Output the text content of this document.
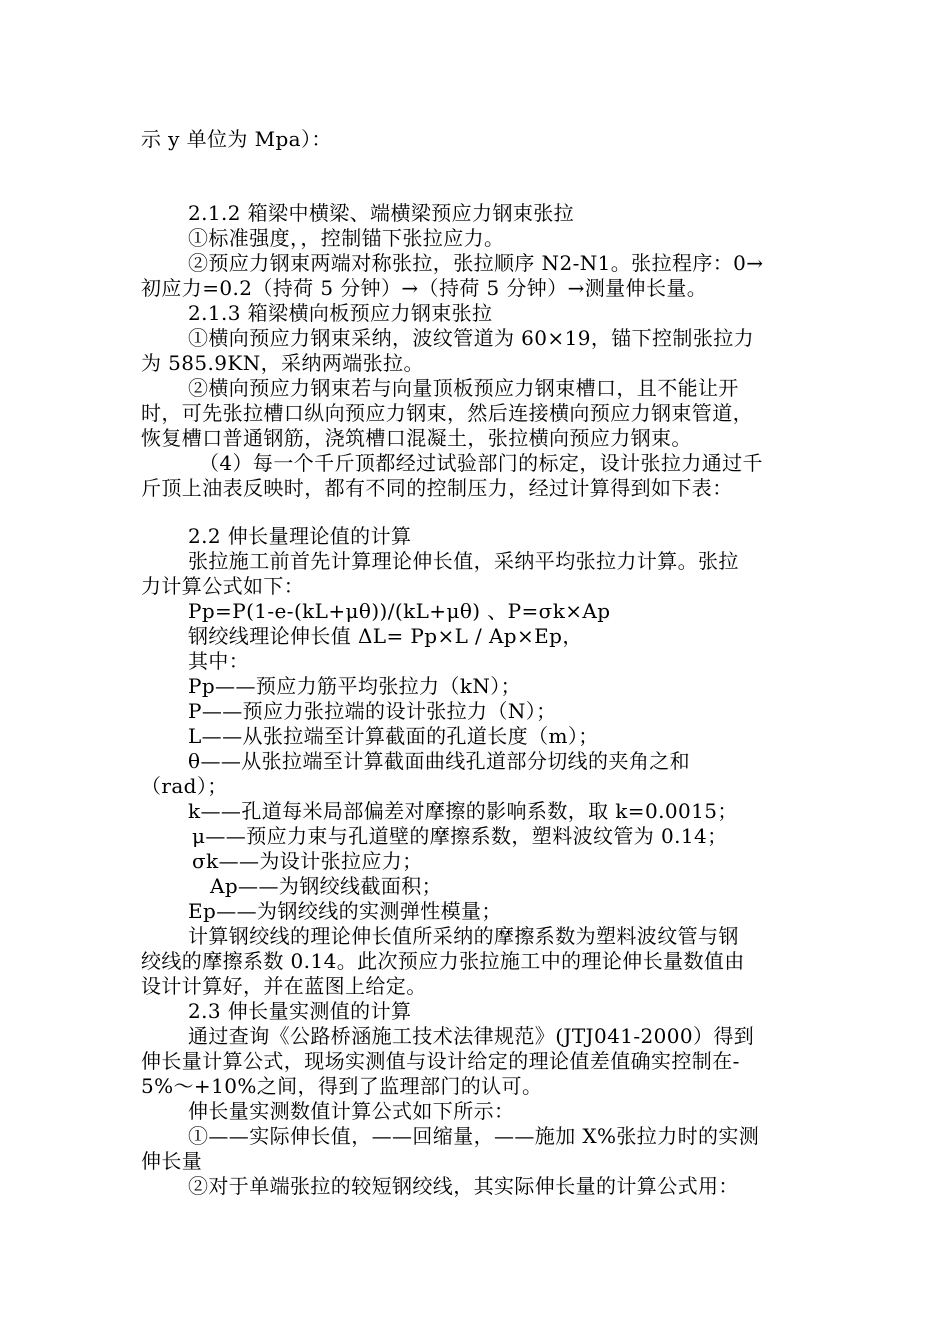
示 y 单位为 Mpa）：
2.1.2 箱梁中横梁、端横梁预应力钢束张拉
①标准强度，，控制锚下张拉应力。
②预应力钢束两端对称张拉，张拉顺序 N2-N1。张拉程序：0→
初应力=0.2（持荷 5 分钟）→（持荷 5 分钟）→测量伸长量。
2.1.3 箱梁横向板预应力钢束张拉
①横向预应力钢束采纳，波纹管道为 60×19，锚下控制张拉力
为 585.9KN，采纳两端张拉。
②横向预应力钢束若与向量顶板预应力钢束槽口，且不能让开
时，可先张拉槽口纵向预应力钢束，然后连接横向预应力钢束管道，
恢复槽口普通钢筋，浇筑槽口混凝土，张拉横向预应力钢束。
（4）每一个千斤顶都经过试验部门的标定，设计张拉力通过千
斤顶上油表反映时，都有不同的控制压力，经过计算得到如下表：
2.2 伸长量理论值的计算
张拉施工前首先计算理论伸长值，采纳平均张拉力计算。张拉
力计算公式如下：
Pp=P(1-e-(kL+μθ))/(kL+μθ) 、P=σk×Ap
钢绞线理论伸长值 ΔL= Pp×L / Ap×Ep，
其中：
Pp——预应力筋平均张拉力（kN）；
P——预应力张拉端的设计张拉力（N）；
L——从张拉端至计算截面的孔道长度（m）；
θ——从张拉端至计算截面曲线孔道部分切线的夹角之和
（rad）；
k——孔道每米局部偏差对摩擦的影响系数，取 k=0.0015；
μ——预应力束与孔道壁的摩擦系数，塑料波纹管为 0.14；
σk——为设计张拉应力；
Ap——为钢绞线截面积；
Ep——为钢绞线的实测弹性模量；
计算钢绞线的理论伸长值所采纳的摩擦系数为塑料波纹管与钢
绞线的摩擦系数 0.14。此次预应力张拉施工中的理论伸长量数值由
设计计算好，并在蓝图上给定。
2.3 伸长量实测值的计算
通过查询《公路桥涵施工技术法律规范》(JTJ041-2000）得到
伸长量计算公式，现场实测值与设计给定的理论值差值确实控制在-
5%～+10%之间，得到了监理部门的认可。
伸长量实测数值计算公式如下所示：
①——实际伸长值，——回缩量，——施加 X%张拉力时的实测
伸长量
②对于单端张拉的较短钢绞线，其实际伸长量的计算公式用：
